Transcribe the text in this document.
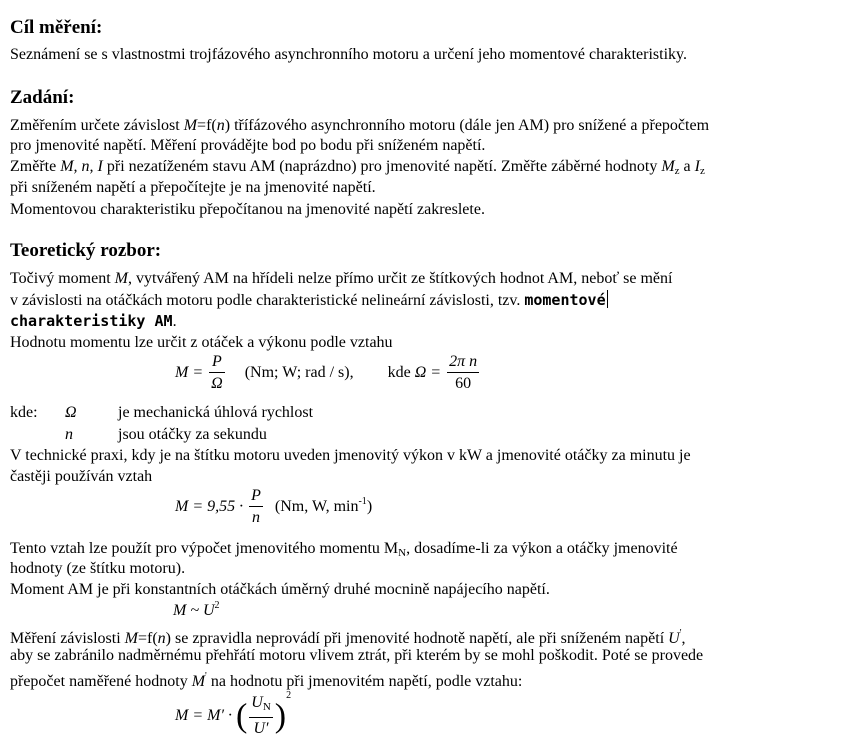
Cíl měření:
Seznámení se s vlastnostmi trojfázového asynchronního motoru a určení jeho momentové charakteristiky.
Zadání:
Změřením určete závislost M=f(n) třífázového asynchronního motoru (dále jen AM) pro snížené a přepočtem
pro jmenovité napětí. Měření provádějte bod po bodu při sníženém napětí.
Změřte M, n, I při nezatíženém stavu AM (naprázdno) pro jmenovité napětí. Změřte záběrné hodnoty $M_z$ a $I_z$
při sníženém napětí a přepočítejte je na jmenovité napětí.
Momentovou charakteristiku přepočítanou na jmenovité napětí zakreslete.
Teoretický rozbor:
Točivý moment M, vytvářený AM na hřídeli nelze přímo určit ze štítkových hodnot AM, neboť se mění
v závislosti na otáčkách motoru podle charakteristické nelineární závislosti, tzv. momentové
charakteristiky AM.
Hodnotu momentu lze určit z otáček a výkonu podle vztahu
$M = \frac{P}{\Omega} (Nm$; W; rad / s), kde $\Omega = \frac{\text{2π n}}{60}$
kde: Ω	je mechanická úhlová rychlost
n	jsou otáčky za sekundu
V technické praxi, kdy je na štítku motoru uveden jmenovitý výkon v kW a jmenovité otáčky za minutu je
častěji používán vztah
$M = 9,55 \cdot \frac{P}{n} (Nm$, W, $\min^{-1}$)
Tento vztah lze použít pro výpočet jmenovitého momentu $M_N$, dosadíme-li za výkon a otáčky jmenovité
hodnoty (ze štítku motoru).
Moment AM je při konstantních otáčkách úměrný druhé mocnině napájecího napětí.
M ~ $U^2$
Měření závislosti M=f(n) se zpravidla neprovádí při jmenovité hodnotě napětí, ale při sníženém napětí U',
aby se zabránilo nadměrnému přehřátí motoru vlivem ztrát, při kterém by se mohl poškodit. Poté se provede
přepočet naměřené hodnoty M' na hodnotu při jmenovitém napětí, podle vztahu:
M = M′ · ( $\frac{U_N}{U'} )^2$
